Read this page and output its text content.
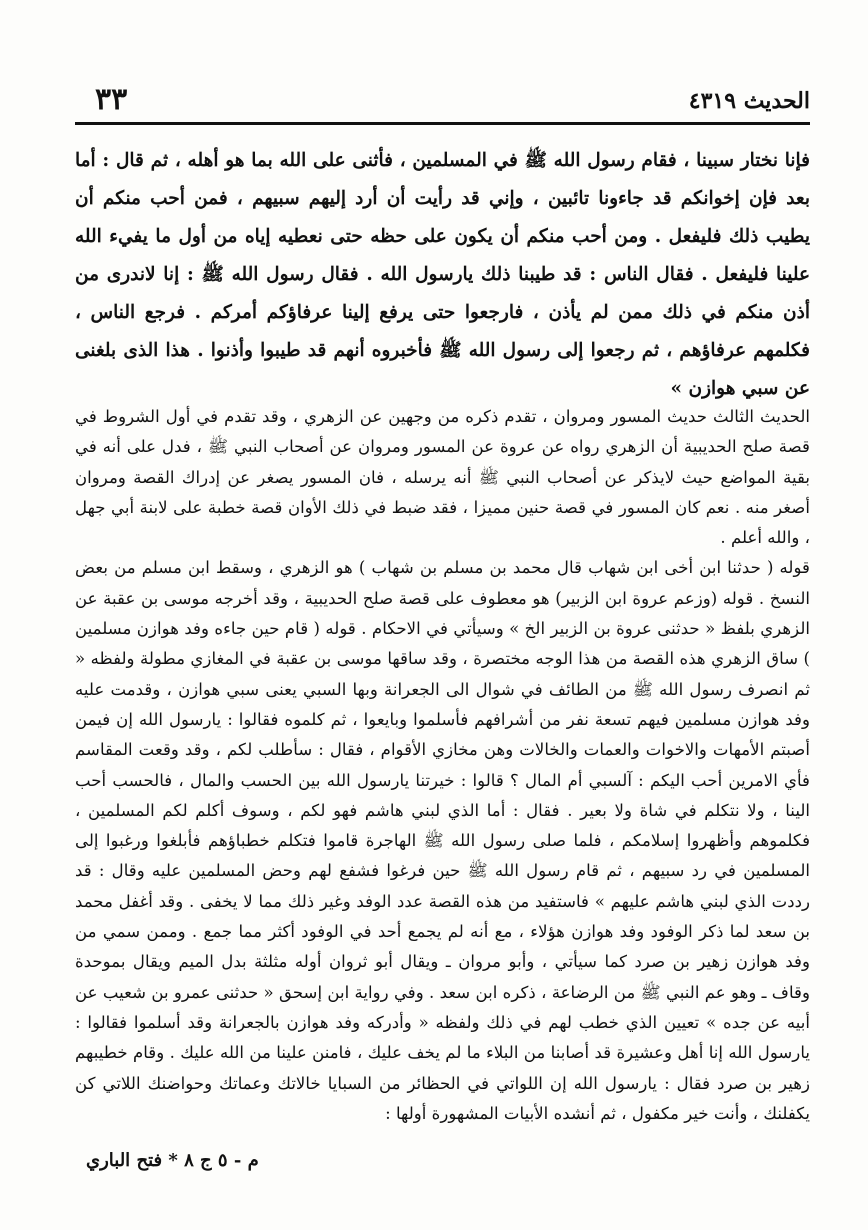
الحديث ٤٣١٩
٣٣

فإنا نختار سبينا ، فقام رسول الله ﷺ في المسلمين ، فأثنى على الله بما هو أهله ، ثم قال : أما بعد فإن إخوانكم قد جاءونا تائبين ، وإني قد رأيت أن أرد إليهم سبيهم ، فمن أحب منكم أن يطيب ذلك فليفعل . ومن أحب منكم أن يكون على حظه حتى نعطيه إياه من أول ما يفيء الله علينا فليفعل . فقال الناس : قد طيبنا ذلك يارسول الله . فقال رسول الله ﷺ : إنا لاندرى من أذن منكم في ذلك ممن لم يأذن ، فارجعوا حتى يرفع إلينا عرفاؤكم أمركم . فرجع الناس ، فكلمهم عرفاؤهم ، ثم رجعوا إلى رسول الله ﷺ فأخبروه أنهم قد طيبوا وأذنوا . هذا الذى بلغنى عن سبي هوازن »

الحديث الثالث حديث المسور ومروان ، تقدم ذكره من وجهين عن الزهري ، وقد تقدم في أول الشروط في قصة صلح الحديبية أن الزهري رواه عن عروة عن المسور ومروان عن أصحاب النبي ﷺ ، فدل على أنه في بقية المواضع حيث لايذكر عن أصحاب النبي ﷺ أنه يرسله ، فان المسور يصغر عن إدراك القصة ومروان أصغر منه . نعم كان المسور في قصة حنين مميزا ، فقد ضبط في ذلك الأوان قصة خطبة على لابنة أبي جهل ، والله أعلم .

قوله ( حدثنا ابن أخى ابن شهاب قال محمد بن مسلم بن شهاب ) هو الزهري ، وسقط ابن مسلم من بعض النسخ . قوله (وزعم عروة ابن الزبير) هو معطوف على قصة صلح الحديبية ، وقد أخرجه موسى بن عقبة عن الزهري بلفظ « حدثنى عروة بن الزبير الخ » وسيأتي في الاحكام . قوله ( قام حين جاءه وفد هوازن مسلمين ) ساق الزهري هذه القصة من هذا الوجه مختصرة ، وقد ساقها موسى بن عقبة في المغازي مطولة ولفظه « ثم انصرف رسول الله ﷺ من الطائف في شوال الى الجعرانة وبها السبي يعنى سبي هوازن ، وقدمت عليه وفد هوازن مسلمين فيهم تسعة نفر من أشرافهم فأسلموا وبايعوا ، ثم كلموه فقالوا : يارسول الله إن فيمن أصبتم الأمهات والاخوات والعمات والخالات وهن مخازي الأقوام ، فقال : سأطلب لكم ، وقد وقعت المقاسم فأي الامرين أحب اليكم : آلسبي أم المال ؟ قالوا : خيرتنا يارسول الله بين الحسب والمال ، فالحسب أحب الينا ، ولا نتكلم في شاة ولا بعير . فقال : أما الذي لبني هاشم فهو لكم ، وسوف أكلم لكم المسلمين ، فكلموهم وأظهروا إسلامكم ، فلما صلى رسول الله ﷺ الهاجرة قاموا فتكلم خطباؤهم فأبلغوا ورغبوا إلى المسلمين في رد سبيهم ، ثم قام رسول الله ﷺ حين فرغوا فشفع لهم وحض المسلمين عليه وقال : قد رددت الذي لبني هاشم عليهم » فاستفيد من هذه القصة عدد الوفد وغير ذلك مما لا يخفى . وقد أغفل محمد بن سعد لما ذكر الوفود وفد هوازن هؤلاء ، مع أنه لم يجمع أحد في الوفود أكثر مما جمع . وممن سمي من وفد هوازن زهير بن صرد كما سيأتي ، وأبو مروان ـ ويقال أبو ثروان أوله مثلثة بدل الميم ويقال بموحدة وقاف ـ وهو عم النبي ﷺ من الرضاعة ، ذكره ابن سعد . وفي رواية ابن إسحق « حدثنى عمرو بن شعيب عن أبيه عن جده » تعيين الذي خطب لهم في ذلك ولفظه « وأدركه وفد هوازن بالجعرانة وقد أسلموا فقالوا : يارسول الله إنا أهل وعشيرة قد أصابنا من البلاء ما لم يخف عليك ، فامنن علينا من الله عليك . وقام خطيبهم زهير بن صرد فقال : يارسول الله إن اللواتي في الحظائر من السبايا خالاتك وعماتك وحواضنك اللاتي كن يكفلنك ، وأنت خير مكفول ، ثم أنشده الأبيات المشهورة أولها :

م - ٥ ج ٨ * فتح الباري
